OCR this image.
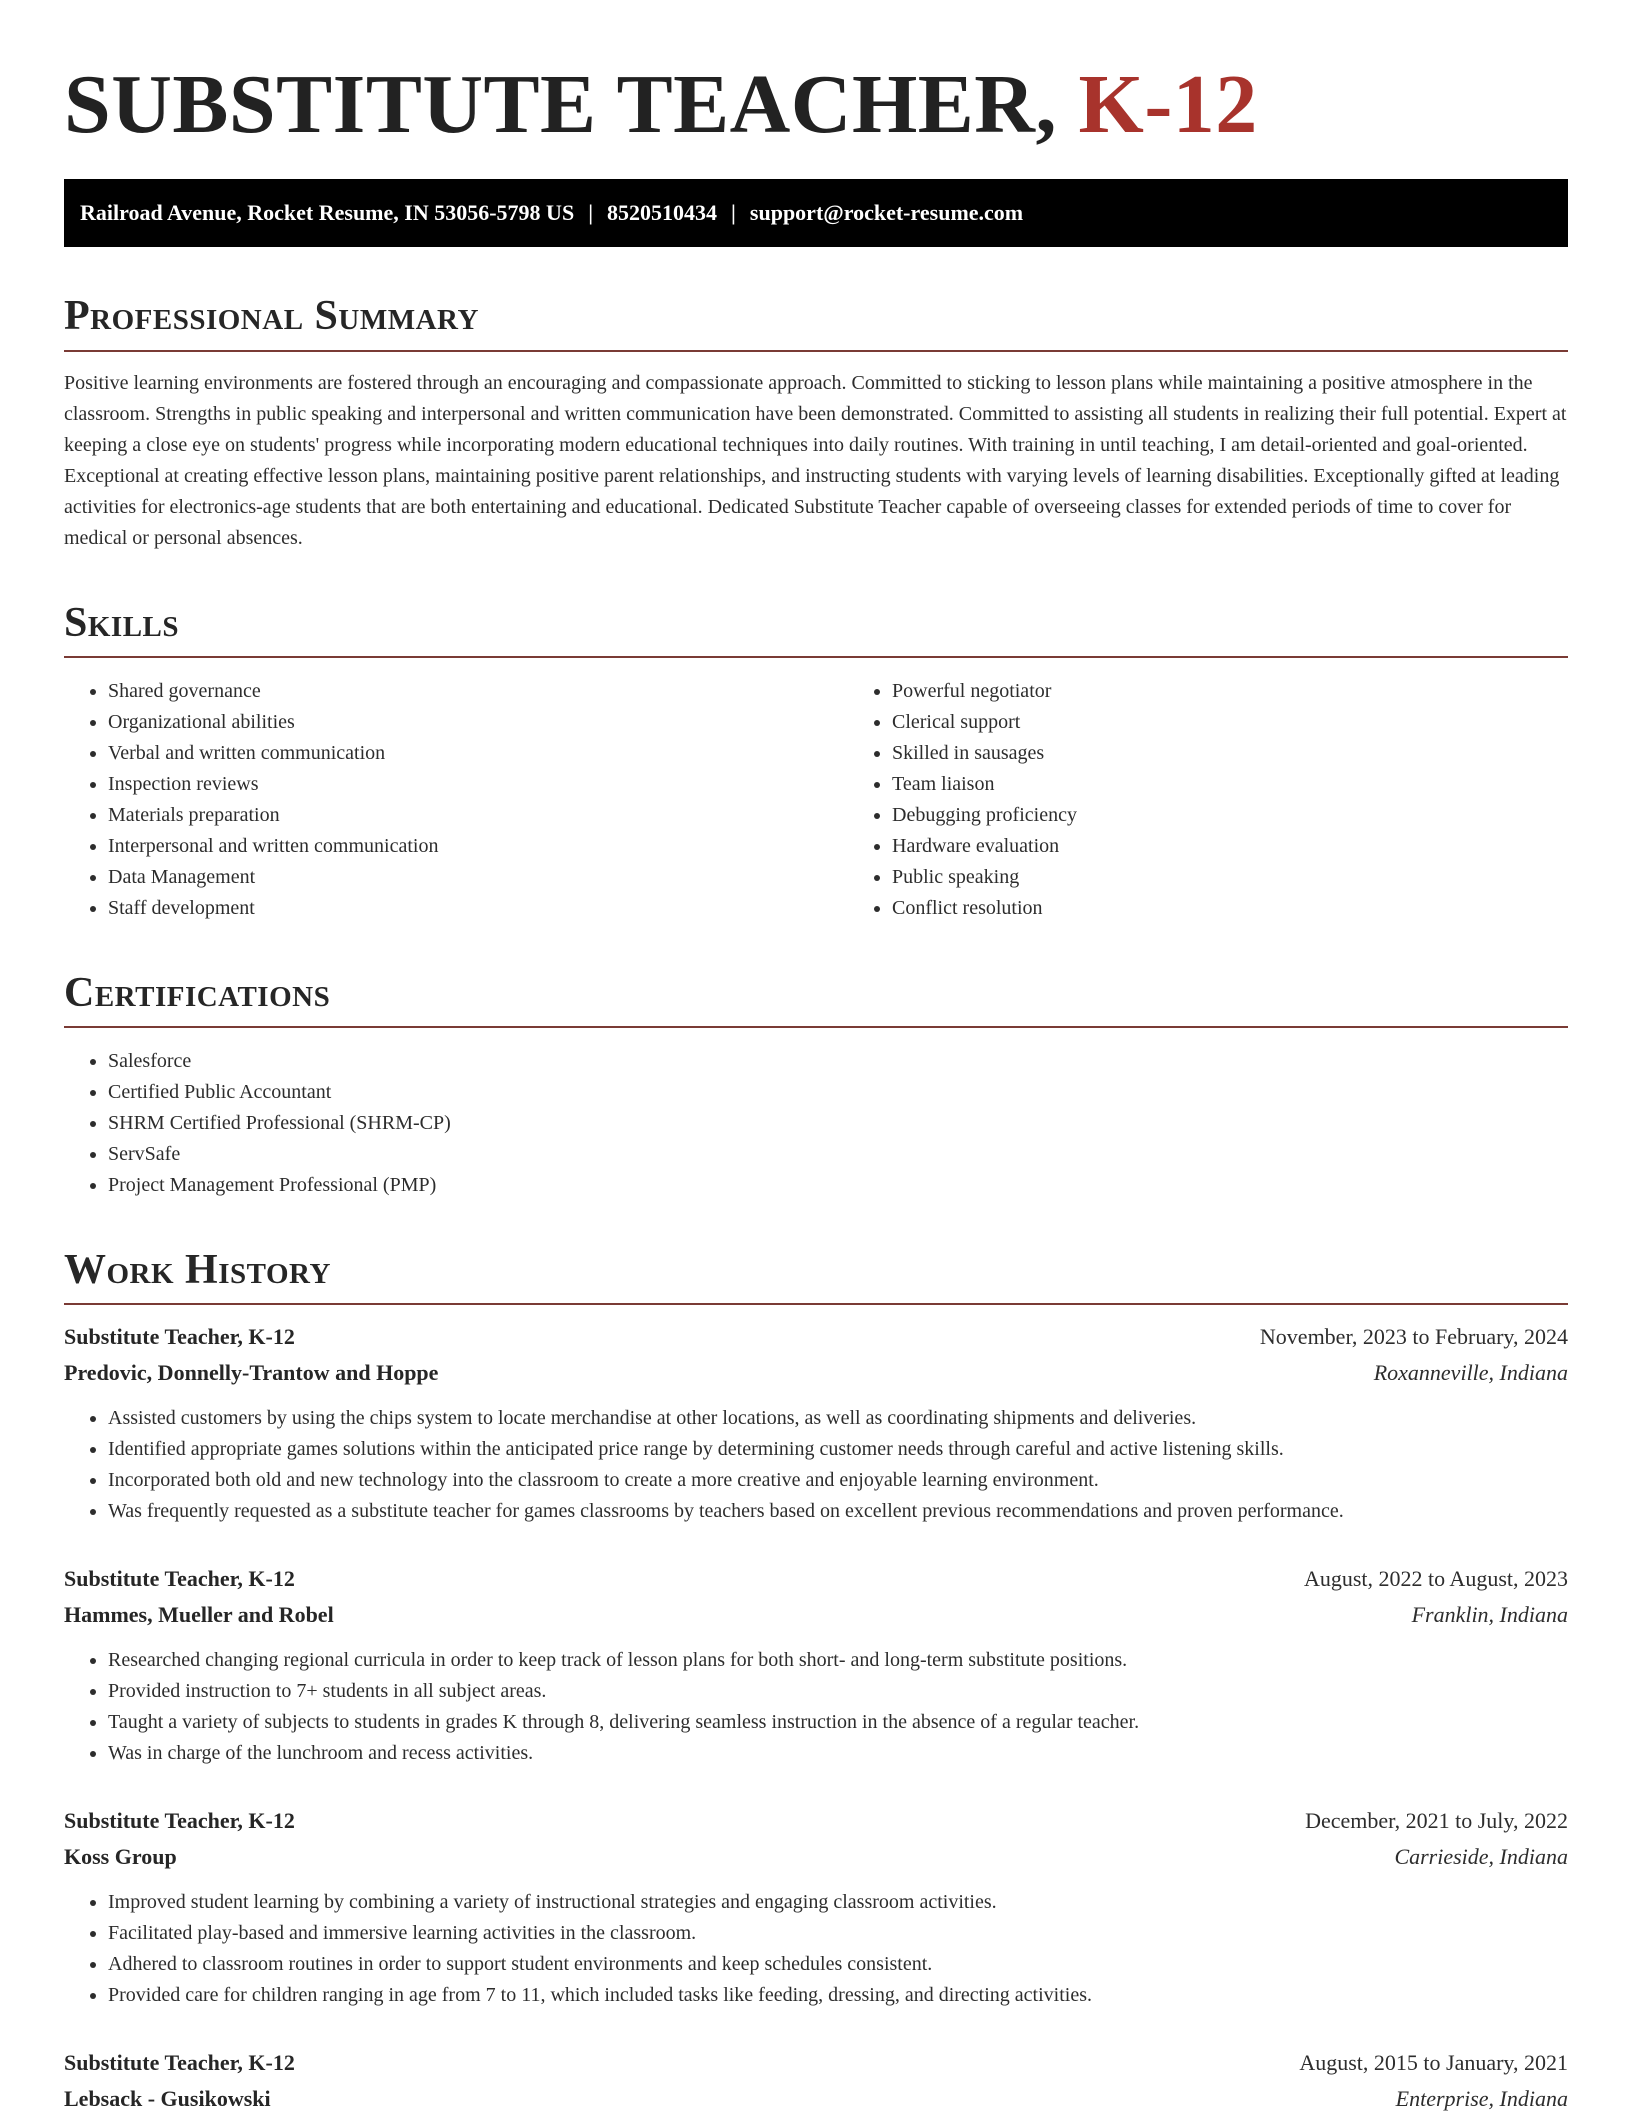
SUBSTITUTE TEACHER, K-12
Railroad Avenue, Rocket Resume, IN 53056-5798 US | 8520510434 | support@rocket-resume.com
Professional Summary

Positive learning environments are fostered through an encouraging and compassionate approach. Committed to sticking to lesson plans while maintaining a positive atmosphere in the classroom. Strengths in public speaking and interpersonal and written communication have been demonstrated. Committed to assisting all students in realizing their full potential. Expert at keeping a close eye on students' progress while incorporating modern educational techniques into daily routines. With training in until teaching, I am detail-oriented and goal-oriented. Exceptional at creating effective lesson plans, maintaining positive parent relationships, and instructing students with varying levels of learning disabilities. Exceptionally gifted at leading activities for electronics-age students that are both entertaining and educational. Dedicated Substitute Teacher capable of overseeing classes for extended periods of time to cover for medical or personal absences.

Skills
• Shared governance
• Organizational abilities
• Verbal and written communication
• Inspection reviews
• Materials preparation
• Interpersonal and written communication
• Data Management
• Staff development
• Powerful negotiator
• Clerical support
• Skilled in sausages
• Team liaison
• Debugging proficiency
• Hardware evaluation
• Public speaking
• Conflict resolution
Certifications
• Salesforce
• Certified Public Accountant
• SHRM Certified Professional (SHRM-CP)
• ServSafe
• Project Management Professional (PMP)
Work History
Substitute Teacher, K-12	November, 2023 to February, 2024
Predovic, Donnelly-Trantow and Hoppe	Roxanneville, Indiana
• Assisted customers by using the chips system to locate merchandise at other locations, as well as coordinating shipments and deliveries.
• Identified appropriate games solutions within the anticipated price range by determining customer needs through careful and active listening skills.
• Incorporated both old and new technology into the classroom to create a more creative and enjoyable learning environment.
• Was frequently requested as a substitute teacher for games classrooms by teachers based on excellent previous recommendations and proven performance.
Substitute Teacher, K-12	August, 2022 to August, 2023
Hammes, Mueller and Robel	Franklin, Indiana
• Researched changing regional curricula in order to keep track of lesson plans for both short- and long-term substitute positions.
• Provided instruction to 7+ students in all subject areas.
• Taught a variety of subjects to students in grades K through 8, delivering seamless instruction in the absence of a regular teacher.
• Was in charge of the lunchroom and recess activities.
Substitute Teacher, K-12	December, 2021 to July, 2022
Koss Group	Carrieside, Indiana
• Improved student learning by combining a variety of instructional strategies and engaging classroom activities.
• Facilitated play-based and immersive learning activities in the classroom.
• Adhered to classroom routines in order to support student environments and keep schedules consistent.
• Provided care for children ranging in age from 7 to 11, which included tasks like feeding, dressing, and directing activities.
Substitute Teacher, K-12	August, 2015 to January, 2021
Lebsack - Gusikowski	Enterprise, Indiana
